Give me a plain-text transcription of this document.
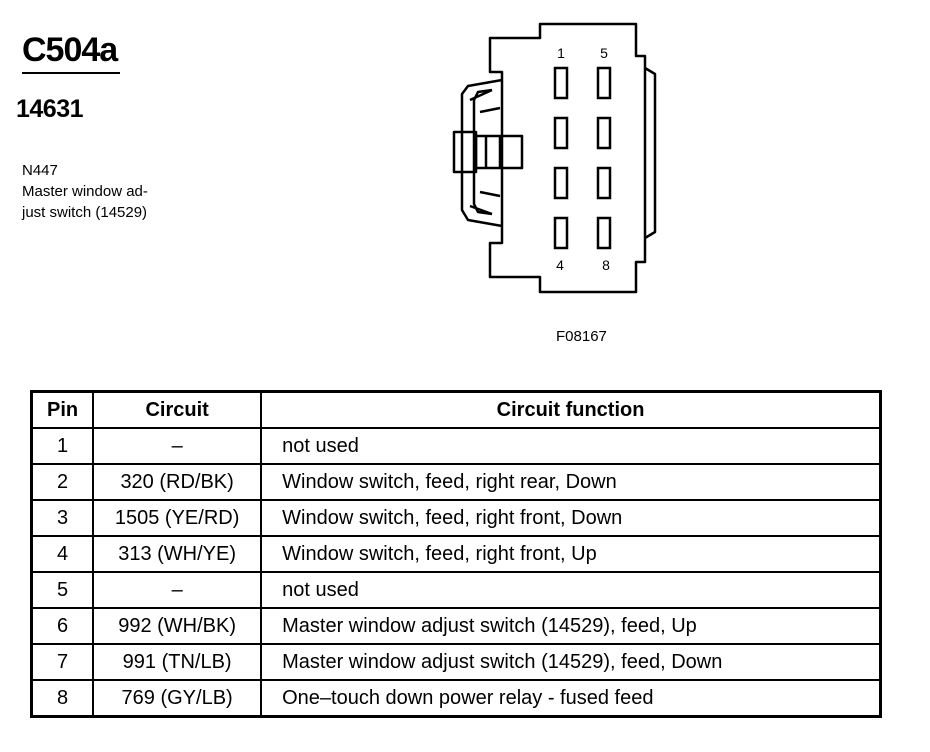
C504a
14631
N447
Master window ad-
just switch (14529)
1	5
4	8
F08167
Pin	Circuit	Circuit function
1	–	not used
2	320 (RD/BK)	Window switch, feed, right rear, Down
3	1505 (YE/RD)	Window switch, feed, right front, Down
4	313 (WH/YE)	Window switch, feed, right front, Up
5	–	not used
6	992 (WH/BK)	Master window adjust switch (14529), feed, Up
7	991 (TN/LB)	Master window adjust switch (14529), feed, Down
8	769 (GY/LB)	One–touch down power relay - fused feed
